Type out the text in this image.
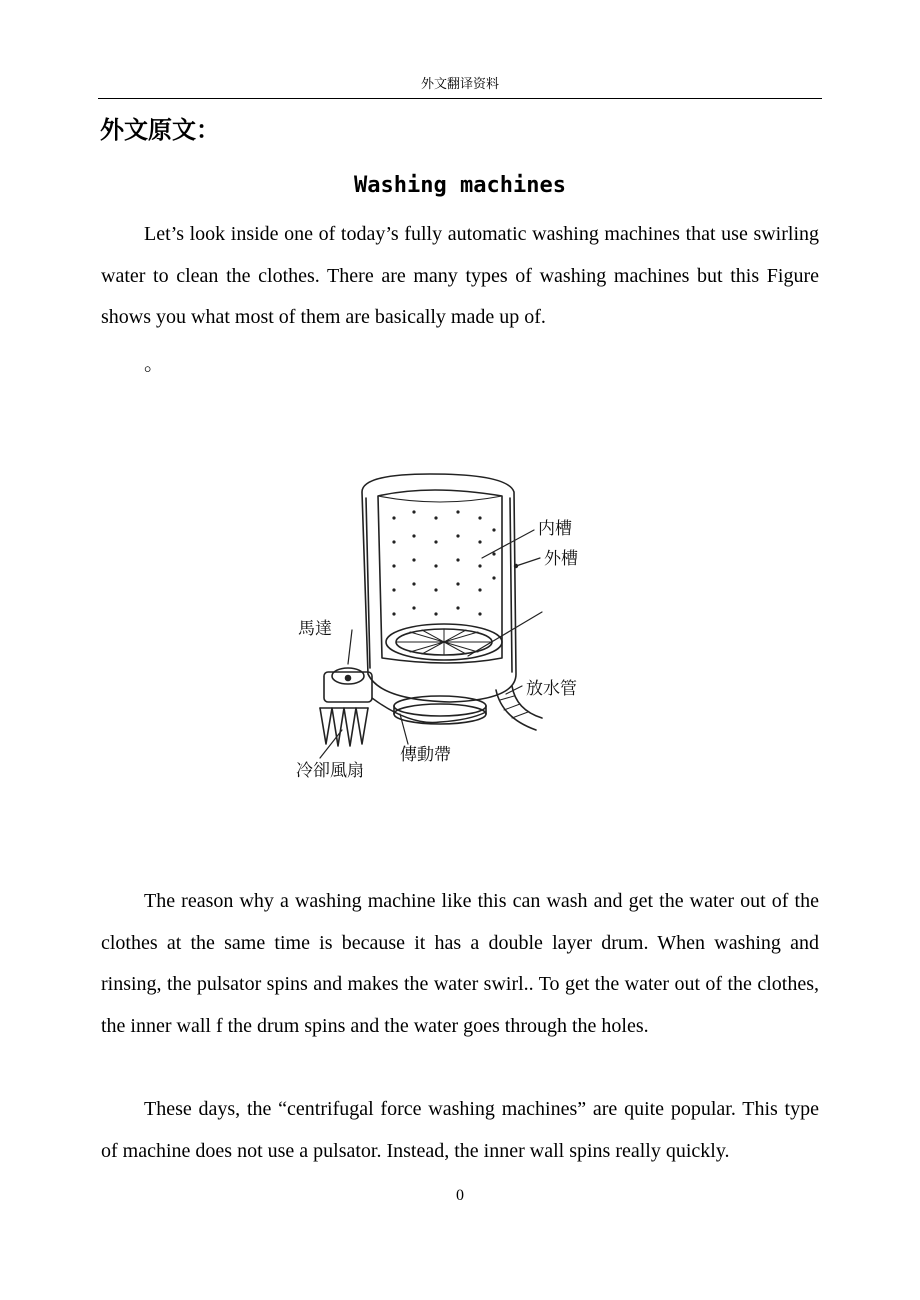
外文翻译资料
外文原文：
Washing machines

Let’s look inside one of today’s fully automatic washing machines that use swirling water to clean the clothes. There are many types of washing machines but this Figure shows you what most of them are basically made up of.

。
内槽
外槽
馬達
放水管
傳動帶
冷卻風扇

The reason why a washing machine like this can wash and get the water out of the clothes at the same time is because it has a double layer drum. When washing and rinsing, the pulsator spins and makes the water swirl.. To get the water out of the clothes, the inner wall f the drum spins and the water goes through the holes.

These days, the “centrifugal force washing machines” are quite popular. This type of machine does not use a pulsator. Instead, the inner wall spins really quickly.

0
